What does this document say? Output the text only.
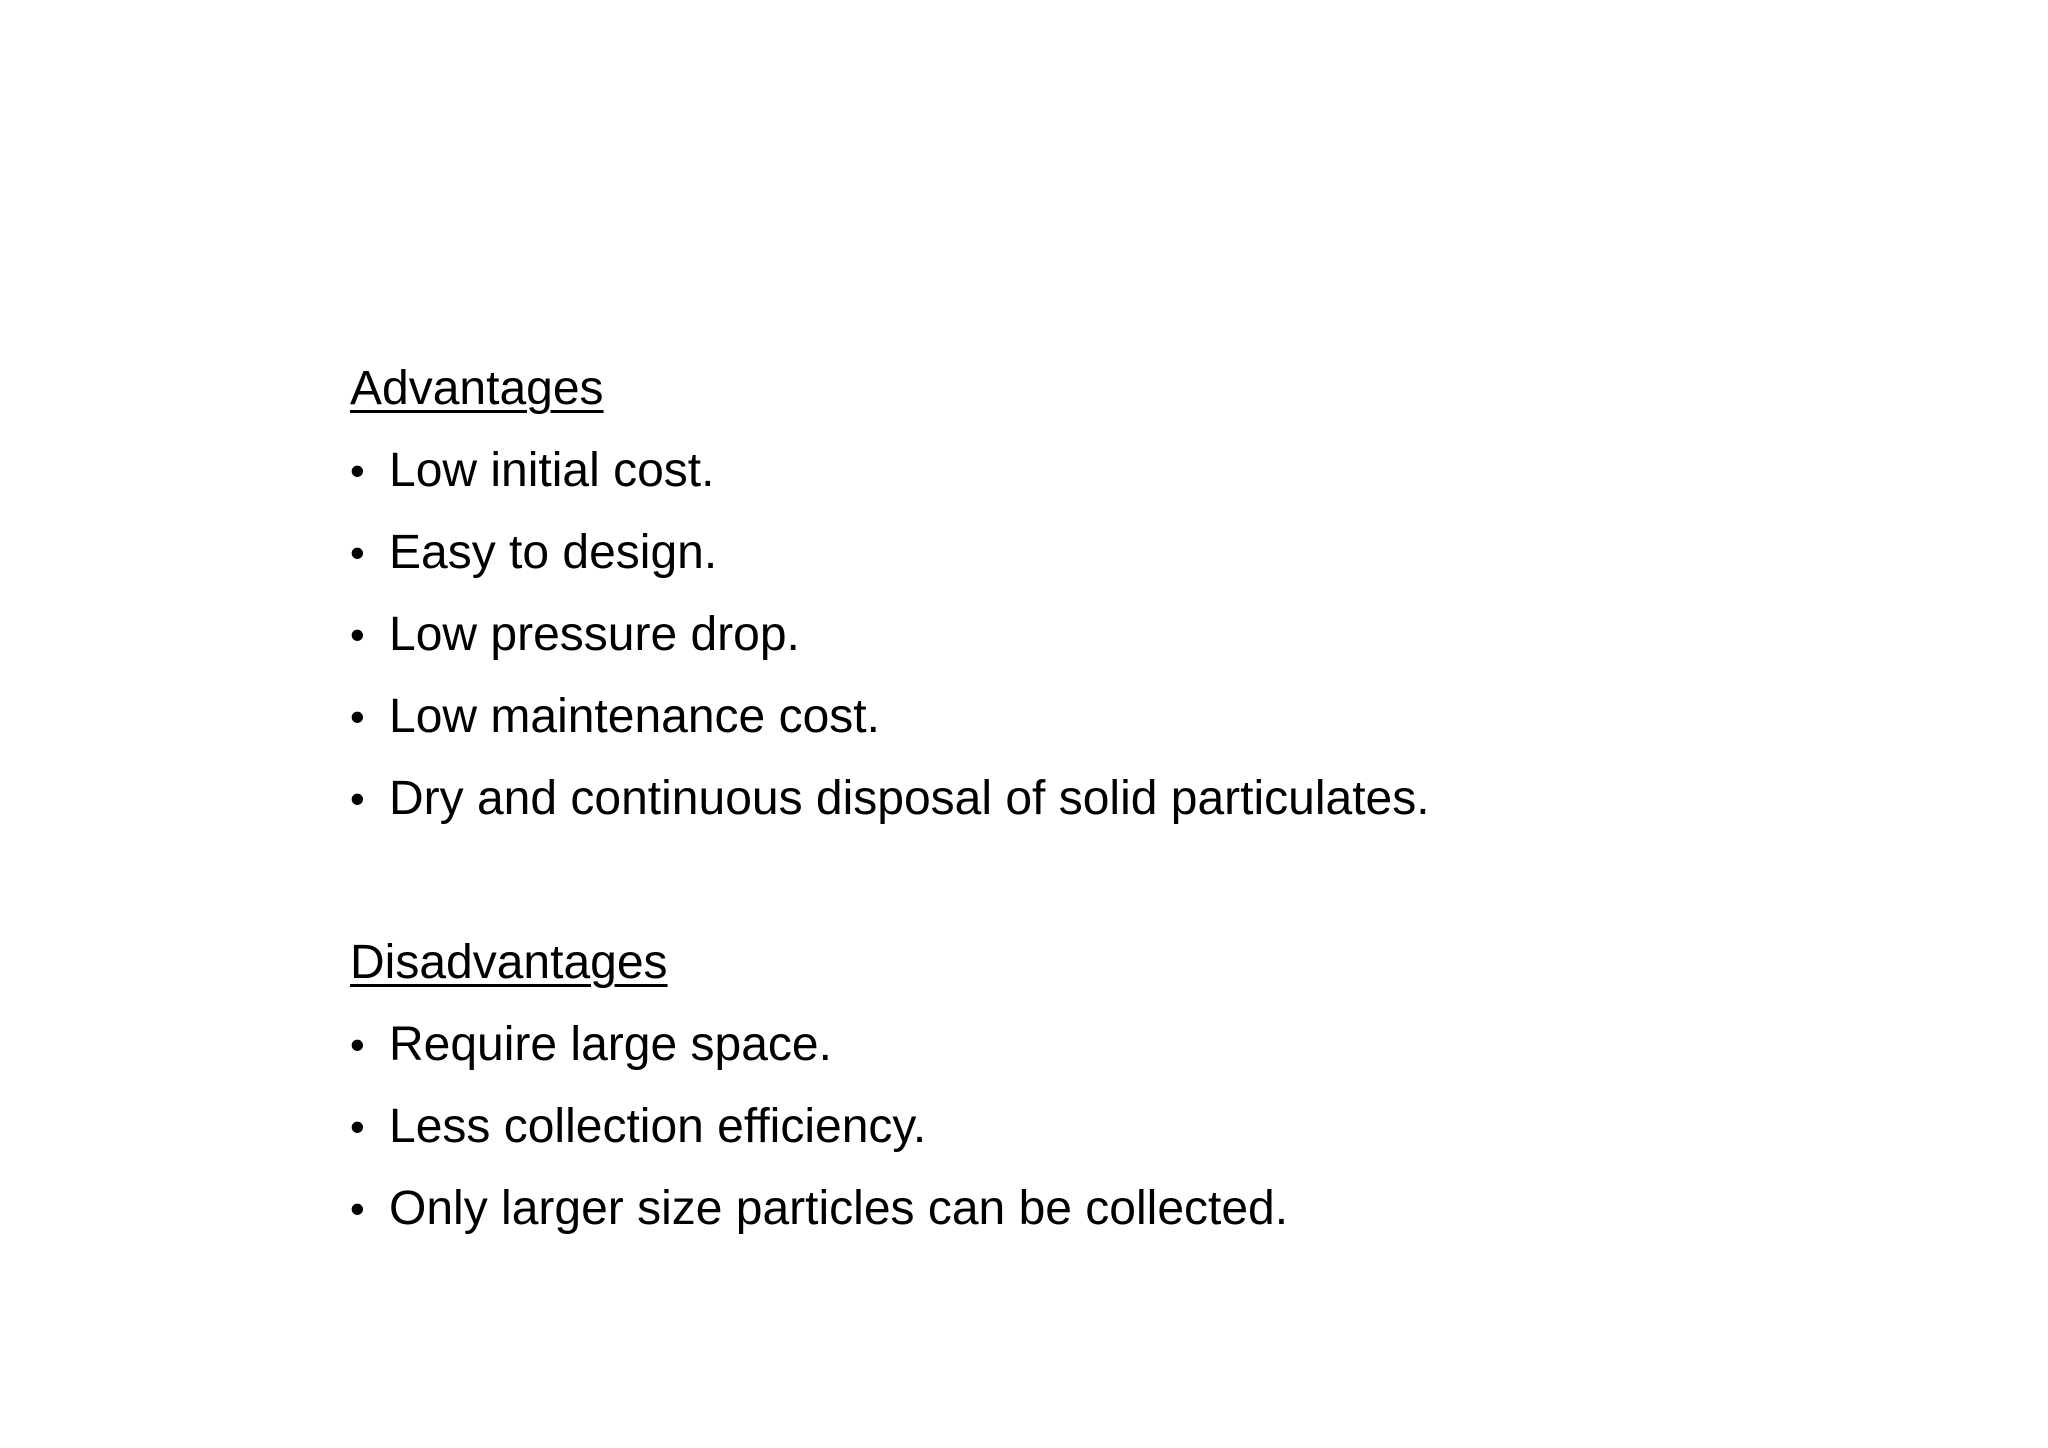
Advantages
• Low initial cost.
• Easy to design.
• Low pressure drop.
• Low maintenance cost.
• Dry and continuous disposal of solid particulates.
Disadvantages
• Require large space.
• Less collection efficiency.
• Only larger size particles can be collected.
